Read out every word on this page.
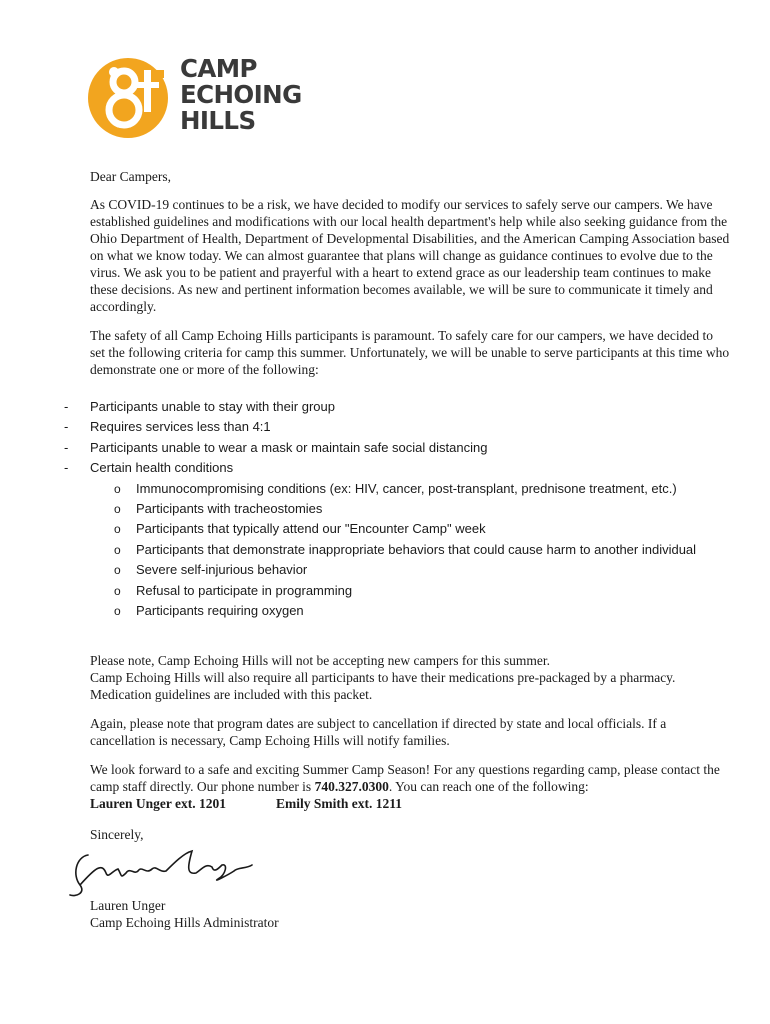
CAMP
ECHOING
HILLS

Dear Campers,

As COVID-19 continues to be a risk, we have decided to modify our services to safely serve our campers. We have established guidelines and modifications with our local health department's help while also seeking guidance from the Ohio Department of Health, Department of Developmental Disabilities, and the American Camping Association based on what we know today. We can almost guarantee that plans will change as guidance continues to evolve due to the virus. We ask you to be patient and prayerful with a heart to extend grace as our leadership team continues to make these decisions. As new and pertinent information becomes available, we will be sure to communicate it timely and accordingly.

The safety of all Camp Echoing Hills participants is paramount. To safely care for our campers, we have decided to set the following criteria for camp this summer. Unfortunately, we will be unable to serve participants at this time who demonstrate one or more of the following:

- Participants unable to stay with their group
- Requires services less than 4:1
- Participants unable to wear a mask or maintain safe social distancing
- Certain health conditions
o Immunocompromising conditions (ex: HIV, cancer, post-transplant, prednisone treatment, etc.)
o Participants with tracheostomies
o Participants that typically attend our "Encounter Camp" week
o Participants that demonstrate inappropriate behaviors that could cause harm to another individual
o Severe self-injurious behavior
o Refusal to participate in programming
o Participants requiring oxygen

Please note, Camp Echoing Hills will not be accepting new campers for this summer.

Camp Echoing Hills will also require all participants to have their medications pre-packaged by a pharmacy. Medication guidelines are included with this packet.

Again, please note that program dates are subject to cancellation if directed by state and local officials. If a cancellation is necessary, Camp Echoing Hills will notify families.

We look forward to a safe and exciting Summer Camp Season! For any questions regarding camp, please contact the camp staff directly. Our phone number is 740.327.0300. You can reach one of the following:

Lauren Unger ext. 1201	Emily Smith ext. 1211

Sincerely,

Lauren Unger

Camp Echoing Hills Administrator
